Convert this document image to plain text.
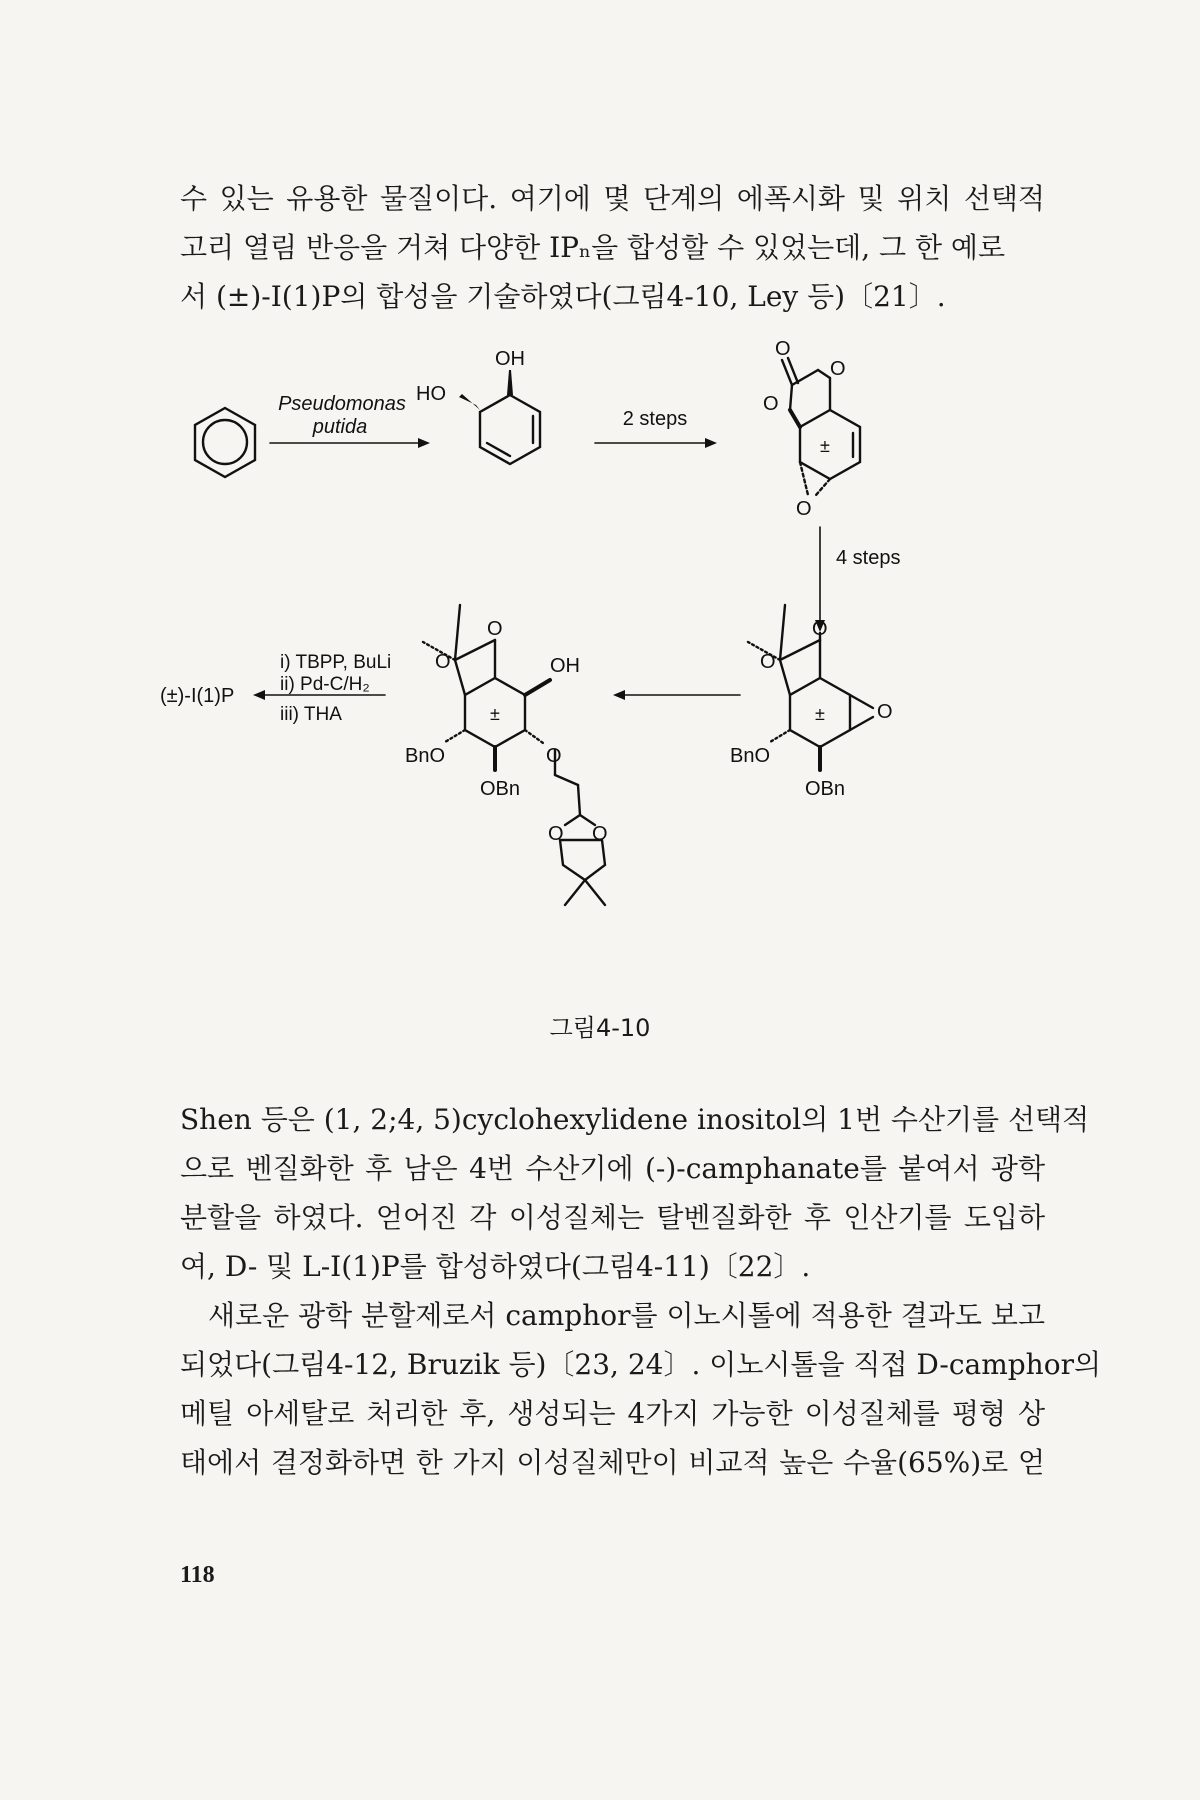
수 있는 유용한 물질이다. 여기에 몇 단계의 에폭시화 및 위치 선택적
고리 열림 반응을 거쳐 다양한 IPₙ을 합성할 수 있었는데, 그 한 예로
서 (±)-I(1)P의 합성을 기술하였다(그림4-10, Ley 등)〔21〕.

Pseudomonas
putida
OH
HO
2 steps
O
O
O
O
±
4 steps
O
O
O
BnO
OBn
±
O
O	OH
BnO
OBn
O
O O
±
i) TBPP, BuLi
ii) Pd-C/H₂
iii) THA
(±)-I(1)P
그림4-10

Shen 등은 (1, 2;4, 5)cyclohexylidene inositol의 1번 수산기를 선택적
으로 벤질화한 후 남은 4번 수산기에 (-)-camphanate를 붙여서 광학
분할을 하였다. 얻어진 각 이성질체는 탈벤질화한 후 인산기를 도입하
여, D- 및 L-I(1)P를 합성하였다(그림4-11)〔22〕.

새로운 광학 분할제로서 camphor를 이노시톨에 적용한 결과도 보고
되었다(그림4-12, Bruzik 등)〔23, 24〕. 이노시톨을 직접 D-camphor의
메틸 아세탈로 처리한 후, 생성되는 4가지 가능한 이성질체를 평형 상
태에서 결정화하면 한 가지 이성질체만이 비교적 높은 수율(65%)로 얻

118
